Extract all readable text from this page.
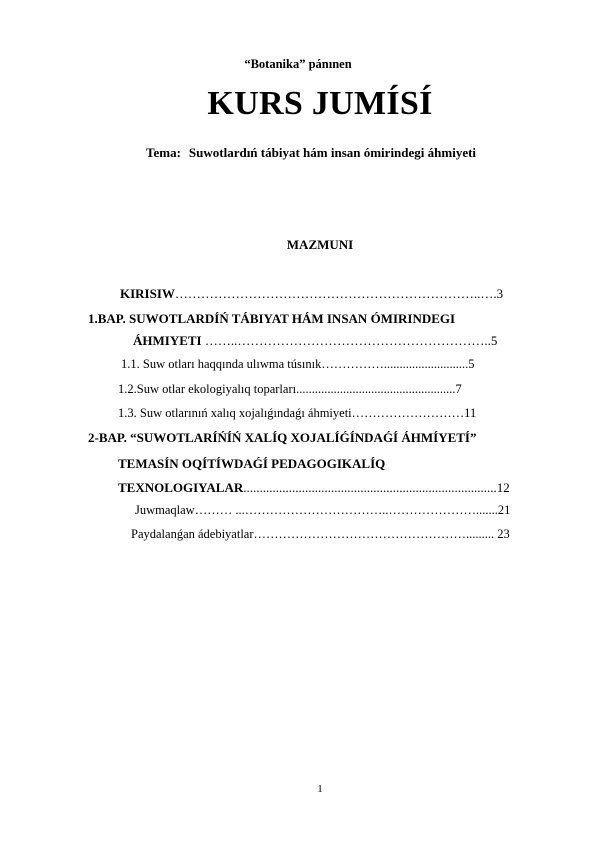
“Botanika” pánınen
KURS JUMÍSÍ
Tema: Suwotlardıń tábiyat hám insan ómirindegi áhmiyeti
MAZMUNI
KIRISIW……………………………………………………………..….3
1.BAP. SUWOTLARDÍŃ TÁBIYAT HÁM INSAN ÓMIRINDEGI
ÁHMIYETI ……..…………………………………………………..5
1.1. Suw otları haqqında ulıwma túsınık……………...........................5
1.2.Suw otlar ekologiyalıq toparları...................................................7
1.3. Suw otlarınıń xalıq xojalıǵındaǵı áhmiyeti………………………11
2-BAP. “SUWOTLARÍŃÍŃ XALÍQ XOJALÍǴÍNDAǴÍ ÁHMÍYETÍ”
TEMASÍN OQÍTÍWDAǴÍ PEDAGOGIKALÍQ
TEXNOLOGIYALAR..............................................................................12
Juwmaqlaw……… ...……………………………..………………….......21
Paydalanǵan ádebiyatlar……………………………………………......... 23
1
